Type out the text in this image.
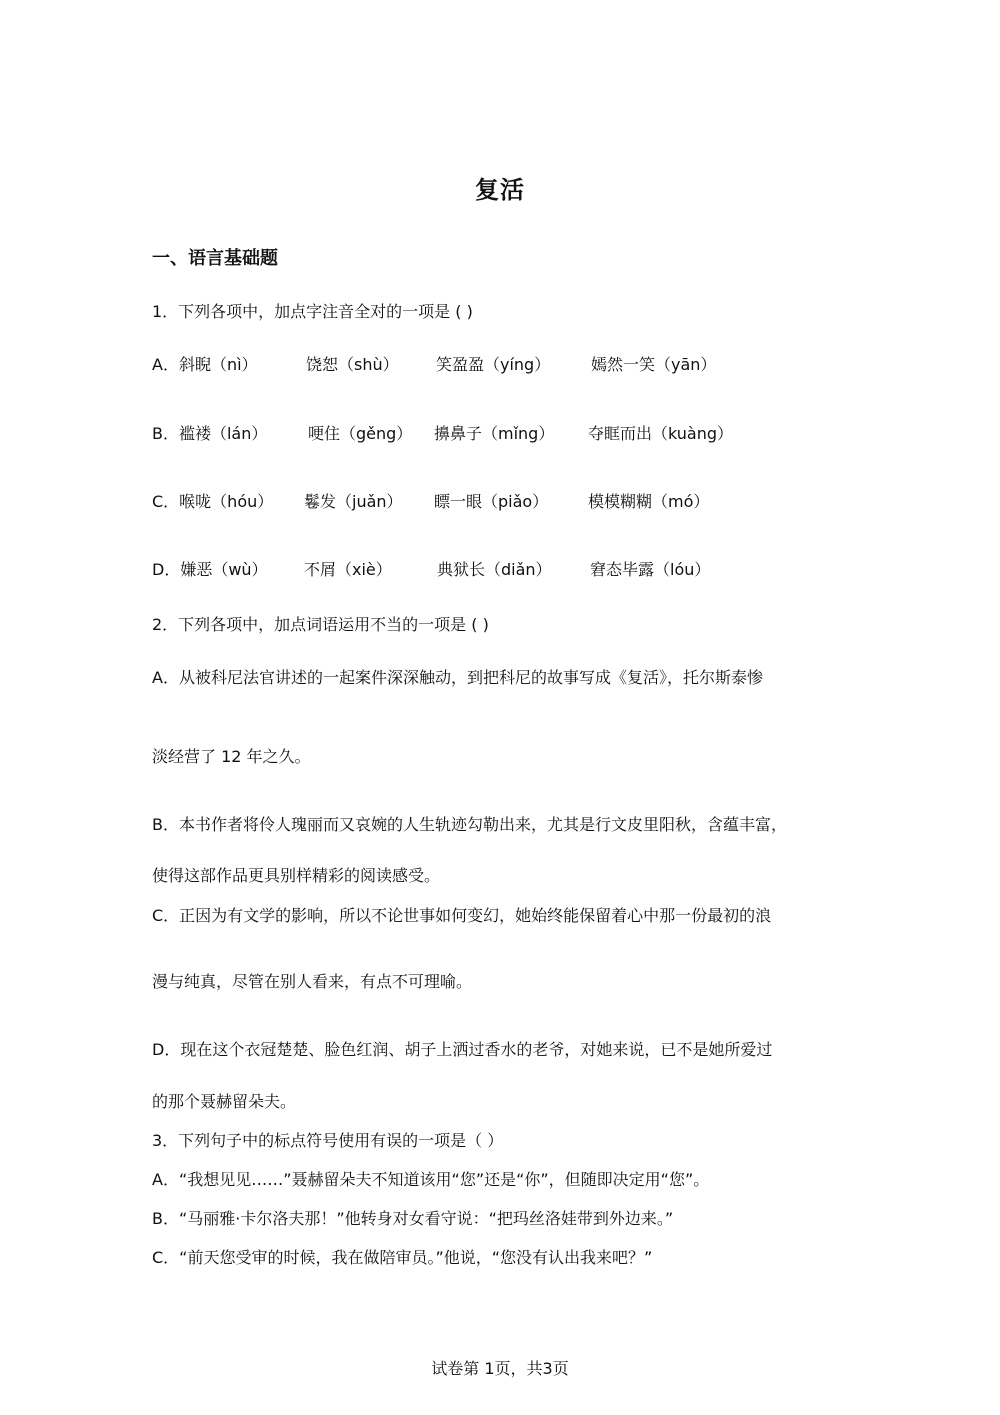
复活
一、语言基础题
1．下列各项中，加点字注音全对的一项是 ( )
A．斜睨（nì）	饶恕（shù） 笑盈盈（yíng）	嫣然一笑（yān）
B．褴褛（lán）	哽住（gěng） 擤鼻子（mǐng） 夺眶而出（kuàng）
C．喉咙（hóu） 鬈发（juǎn） 瞟一眼（piǎo） 模模糊糊（mó）
D．嫌恶（wù） 不屑（xiè）	典狱长（diǎn） 窘态毕露（lóu）
2．下列各项中，加点词语运用不当的一项是 ( )
A．从被科尼法官讲述的一起案件深深触动，到把科尼的故事写成《复活》，托尔斯泰惨
淡经营了 12 年之久。
B．本书作者将伶人瑰丽而又哀婉的人生轨迹勾勒出来，尤其是行文皮里阳秋，含蕴丰富，
使得这部作品更具别样精彩的阅读感受。
C．正因为有文学的影响，所以不论世事如何变幻，她始终能保留着心中那一份最初的浪
漫与纯真，尽管在别人看来，有点不可理喻。
D．现在这个衣冠楚楚、脸色红润、胡子上洒过香水的老爷，对她来说，已不是她所爱过
的那个聂赫留朵夫。
3．下列句子中的标点符号使用有误的一项是（ ）
A．“我想见见……”聂赫留朵夫不知道该用“您”还是“你”，但随即决定用“您”。
B．“马丽雅·卡尔洛夫那！”他转身对女看守说：“把玛丝洛娃带到外边来。”
C．“前天您受审的时候，我在做陪审员。”他说，“您没有认出我来吧？”
试卷第 1页，共3页
